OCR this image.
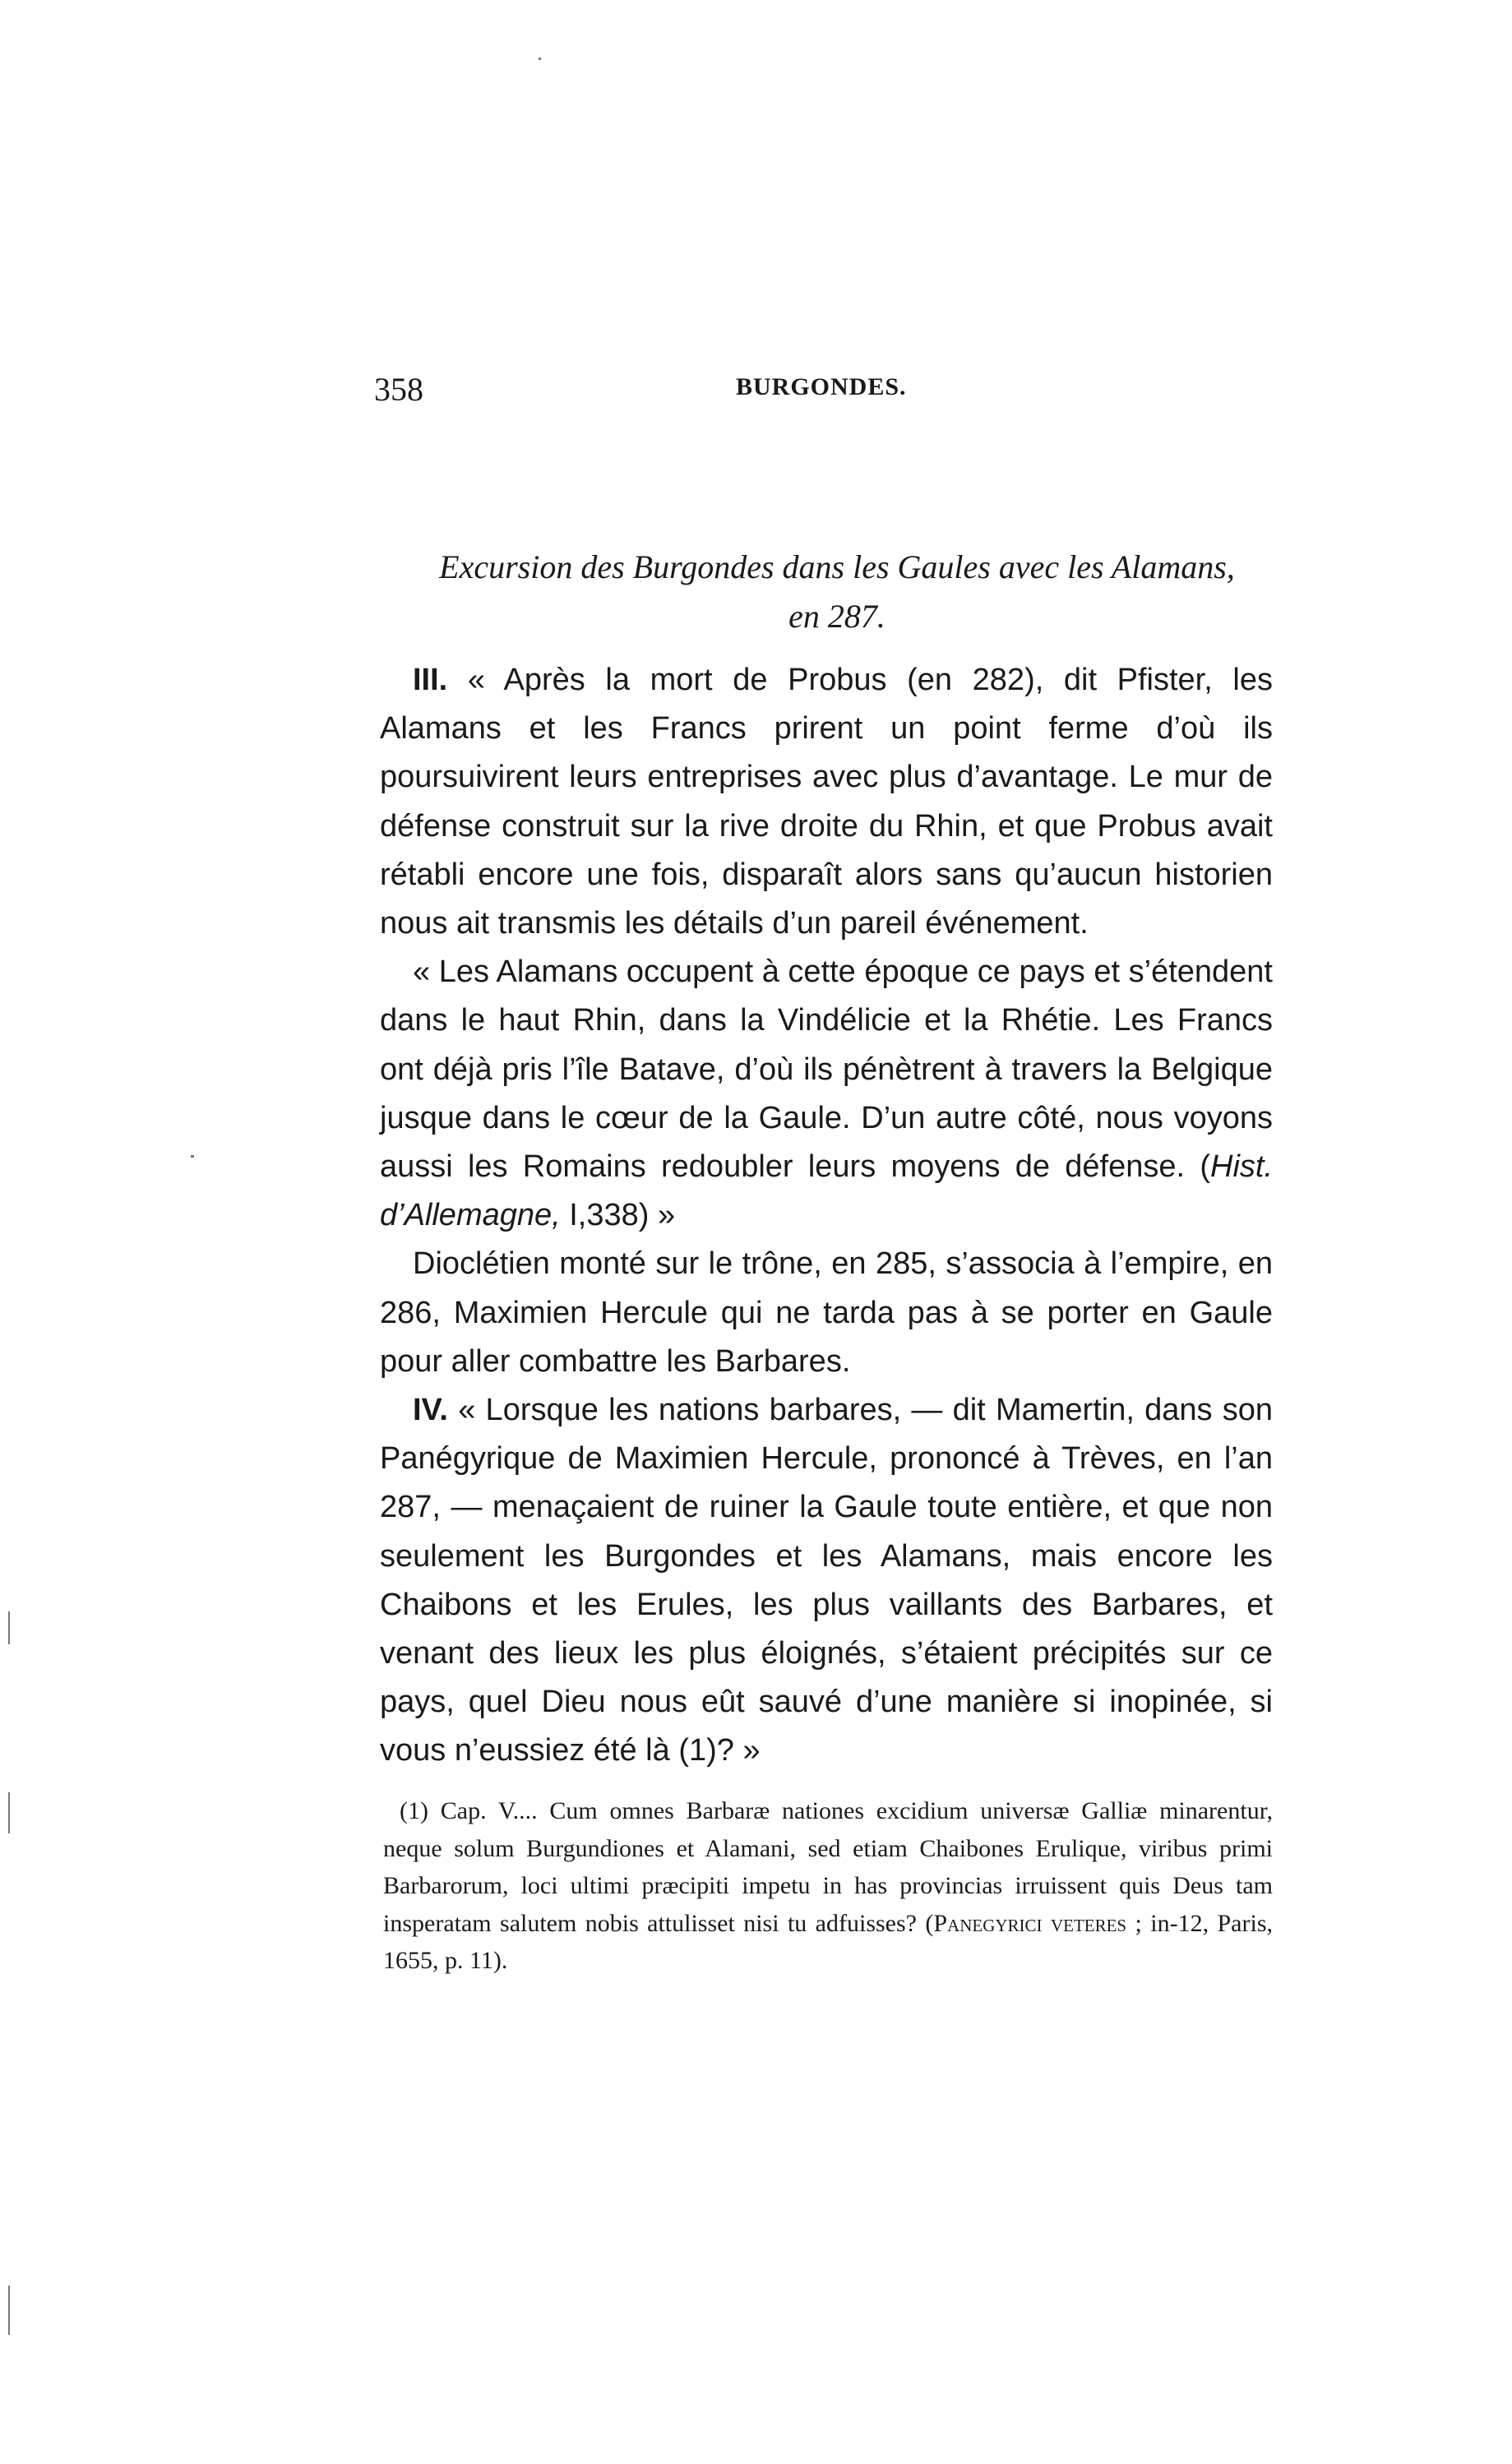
358	BURGONDES.
Excursion des Burgondes dans les Gaules avec les Alamans,
en 287.

III. « Après la mort de Probus (en 282), dit Pfister, les Alamans et les Francs prirent un point ferme d’où ils poursuivirent leurs entreprises avec plus d’avantage. Le mur de défense construit sur la rive droite du Rhin, et que Probus avait rétabli encore une fois, disparaît alors sans qu’aucun historien nous ait transmis les détails d’un pareil événement.

« Les Alamans occupent à cette époque ce pays et s’étendent dans le haut Rhin, dans la Vindélicie et la Rhétie. Les Francs ont déjà pris l’île Batave, d’où ils pénètrent à travers la Belgique jusque dans le cœur de la Gaule. D’un autre côté, nous voyons aussi les Romains redoubler leurs moyens de défense. (Hist. d’Allemagne, I,338) »

Dioclétien monté sur le trône, en 285, s’associa à l’empire, en 286, Maximien Hercule qui ne tarda pas à se porter en Gaule pour aller combattre les Barbares.

IV. « Lorsque les nations barbares, — dit Mamertin, dans son Panégyrique de Maximien Hercule, prononcé à Trèves, en l’an 287, — menaçaient de ruiner la Gaule toute entière, et que non seulement les Burgondes et les Alamans, mais encore les Chaibons et les Erules, les plus vaillants des Barbares, et venant des lieux les plus éloignés, s’étaient précipités sur ce pays, quel Dieu nous eût sauvé d’une manière si inopinée, si vous n’eussiez été là (1)? »

(1) Cap. V.... Cum omnes Barbaræ nationes excidium universæ Galliæ minarentur, neque solum Burgundiones et Alamani, sed etiam Chaibones Erulique, viribus primi Barbarorum, loci ultimi præcipiti impetu in has provincias irruissent quis Deus tam insperatam salutem nobis attulisset nisi tu adfuisses? (Panegyrici veteres ; in-12, Paris, 1655, p. 11).
